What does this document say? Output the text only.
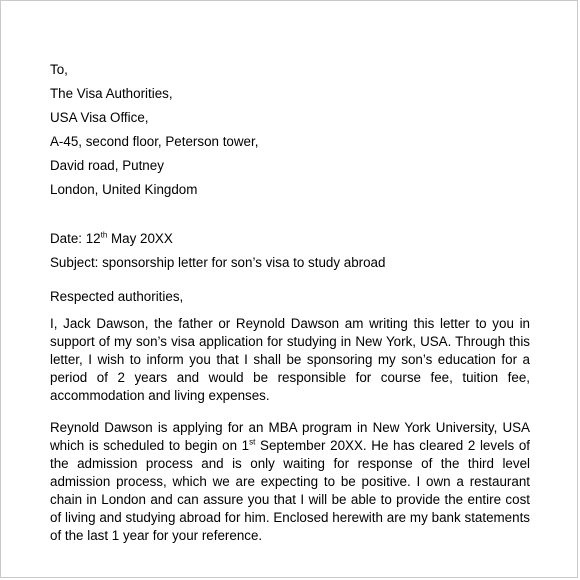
To,
The Visa Authorities,
USA Visa Office,
A-45, second floor, Peterson tower,
David road, Putney
London, United Kingdom
Date: 12th May 20XX
Subject: sponsorship letter for son’s visa to study abroad
Respected authorities,
I, Jack Dawson, the father or Reynold Dawson am writing this letter to you in support of my son’s visa application for studying in New York, USA. Through this letter, I wish to inform you that I shall be sponsoring my son’s education for a period of 2 years and would be responsible for course fee, tuition fee, accommodation and living expenses.
Reynold Dawson is applying for an MBA program in New York University, USA which is scheduled to begin on 1st September 20XX. He has cleared 2 levels of the admission process and is only waiting for response of the third level admission process, which we are expecting to be positive. I own a restaurant chain in London and can assure you that I will be able to provide the entire cost of living and studying abroad for him. Enclosed herewith are my bank statements of the last 1 year for your reference.
